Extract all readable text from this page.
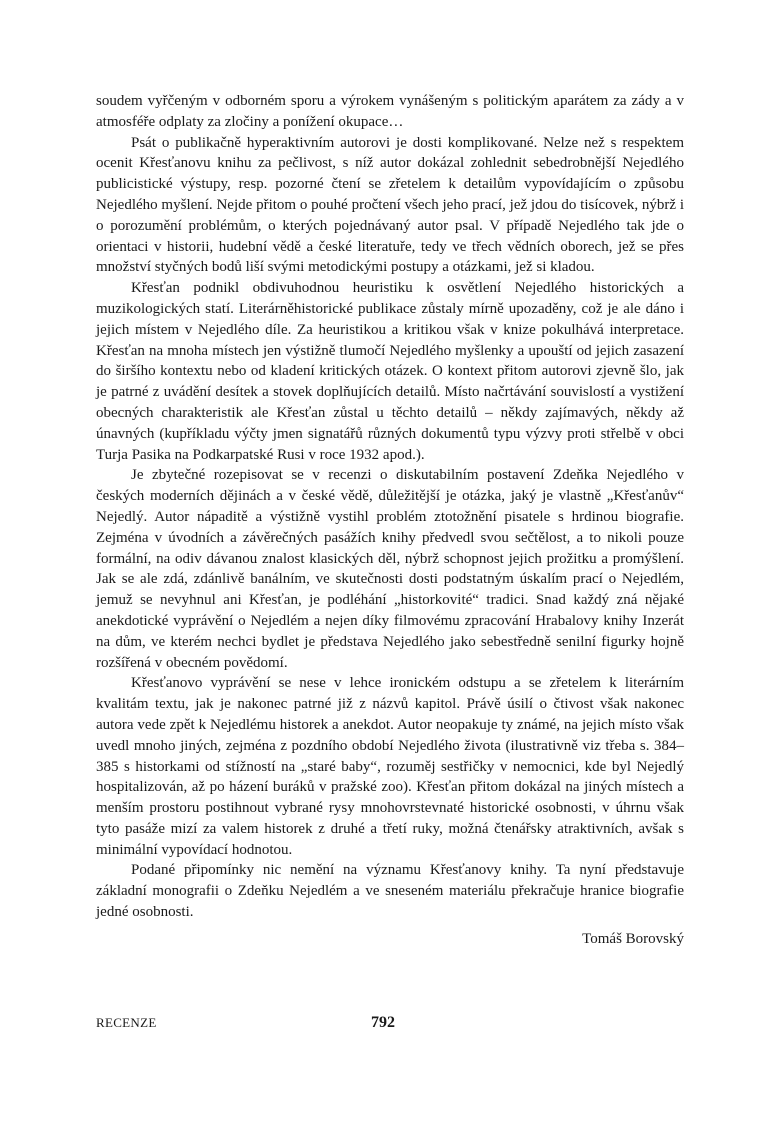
soudem vyřčeným v odborném sporu a výrokem vynášeným s politickým aparátem za zády a v atmosféře odplaty za zločiny a ponížení okupace…

Psát o publikačně hyperaktivním autorovi je dosti komplikované. Nelze než s respektem ocenit Křesťanovu knihu za pečlivost, s níž autor dokázal zohlednit sebedrobnější Nejedlého publicistické výstupy, resp. pozorné čtení se zřetelem k detailům vypovídajícím o způsobu Nejedlého myšlení. Nejde přitom o pouhé pročtení všech jeho prací, jež jdou do tisícovek, nýbrž i o porozumění problémům, o kterých pojednávaný autor psal. V případě Nejedlého tak jde o orientaci v historii, hudební vědě a české literatuře, tedy ve třech vědních oborech, jež se přes množství styčných bodů liší svými metodickými postupy a otázkami, jež si kladou.

Křesťan podnikl obdivuhodnou heuristiku k osvětlení Nejedlého historických a muzikologických statí. Literárněhistorické publikace zůstaly mírně upozaděny, což je ale dáno i jejich místem v Nejedlého díle. Za heuristikou a kritikou však v knize pokulhává interpretace. Křesťan na mnoha místech jen výstižně tlumočí Nejedlého myšlenky a upouští od jejich zasazení do širšího kontextu nebo od kladení kritických otázek. O kontext přitom autorovi zjevně šlo, jak je patrné z uvádění desítek a stovek doplňujících detailů. Místo načrtávání souvislostí a vystižení obecných charakteristik ale Křesťan zůstal u těchto detailů – někdy zajímavých, někdy až únavných (kupříkladu výčty jmen signatářů různých dokumentů typu výzvy proti střelbě v obci Turja Pasika na Podkarpatské Rusi v roce 1932 apod.).

Je zbytečné rozepisovat se v recenzi o diskutabilním postavení Zdeňka Nejedlého v českých moderních dějinách a v české vědě, důležitější je otázka, jaký je vlastně „Křesťanův“ Nejedlý. Autor nápaditě a výstižně vystihl problém ztotožnění pisatele s hrdinou biografie. Zejména v úvodních a závěrečných pasážích knihy předvedl svou sečtělost, a to nikoli pouze formální, na odiv dávanou znalost klasických děl, nýbrž schopnost jejich prožitku a promýšlení. Jak se ale zdá, zdánlivě banálním, ve skutečnosti dosti podstatným úskalím prací o Nejedlém, jemuž se nevyhnul ani Křesťan, je podléhání „historkovité“ tradici. Snad každý zná nějaké anekdotické vyprávění o Nejedlém a nejen díky filmovému zpracování Hrabalovy knihy Inzerát na dům, ve kterém nechci bydlet je představa Nejedlého jako sebestředně senilní figurky hojně rozšířená v obecném povědomí.

Křesťanovo vyprávění se nese v lehce ironickém odstupu a se zřetelem k literárním kvalitám textu, jak je nakonec patrné již z názvů kapitol. Právě úsilí o čtivost však nakonec autora vede zpět k Nejedlému historek a anekdot. Autor neopakuje ty známé, na jejich místo však uvedl mnoho jiných, zejména z pozdního období Nejedlého života (ilustrativně viz třeba s. 384–385 s historkami od stížností na „staré baby“, rozuměj sestřičky v nemocnici, kde byl Nejedlý hospitalizován, až po házení buráků v pražské zoo). Křesťan přitom dokázal na jiných místech a menším prostoru postihnout vybrané rysy mnohovrstevnaté historické osobnosti, v úhrnu však tyto pasáže mizí za valem historek z druhé a třetí ruky, možná čtenářsky atraktivních, avšak s minimální vypovídací hodnotou.

Podané připomínky nic nemění na významu Křesťanovy knihy. Ta nyní představuje základní monografii o Zdeňku Nejedlém a ve sneseném materiálu překračuje hranice biografie jedné osobnosti.

Tomáš Borovský

RECENZE	792
